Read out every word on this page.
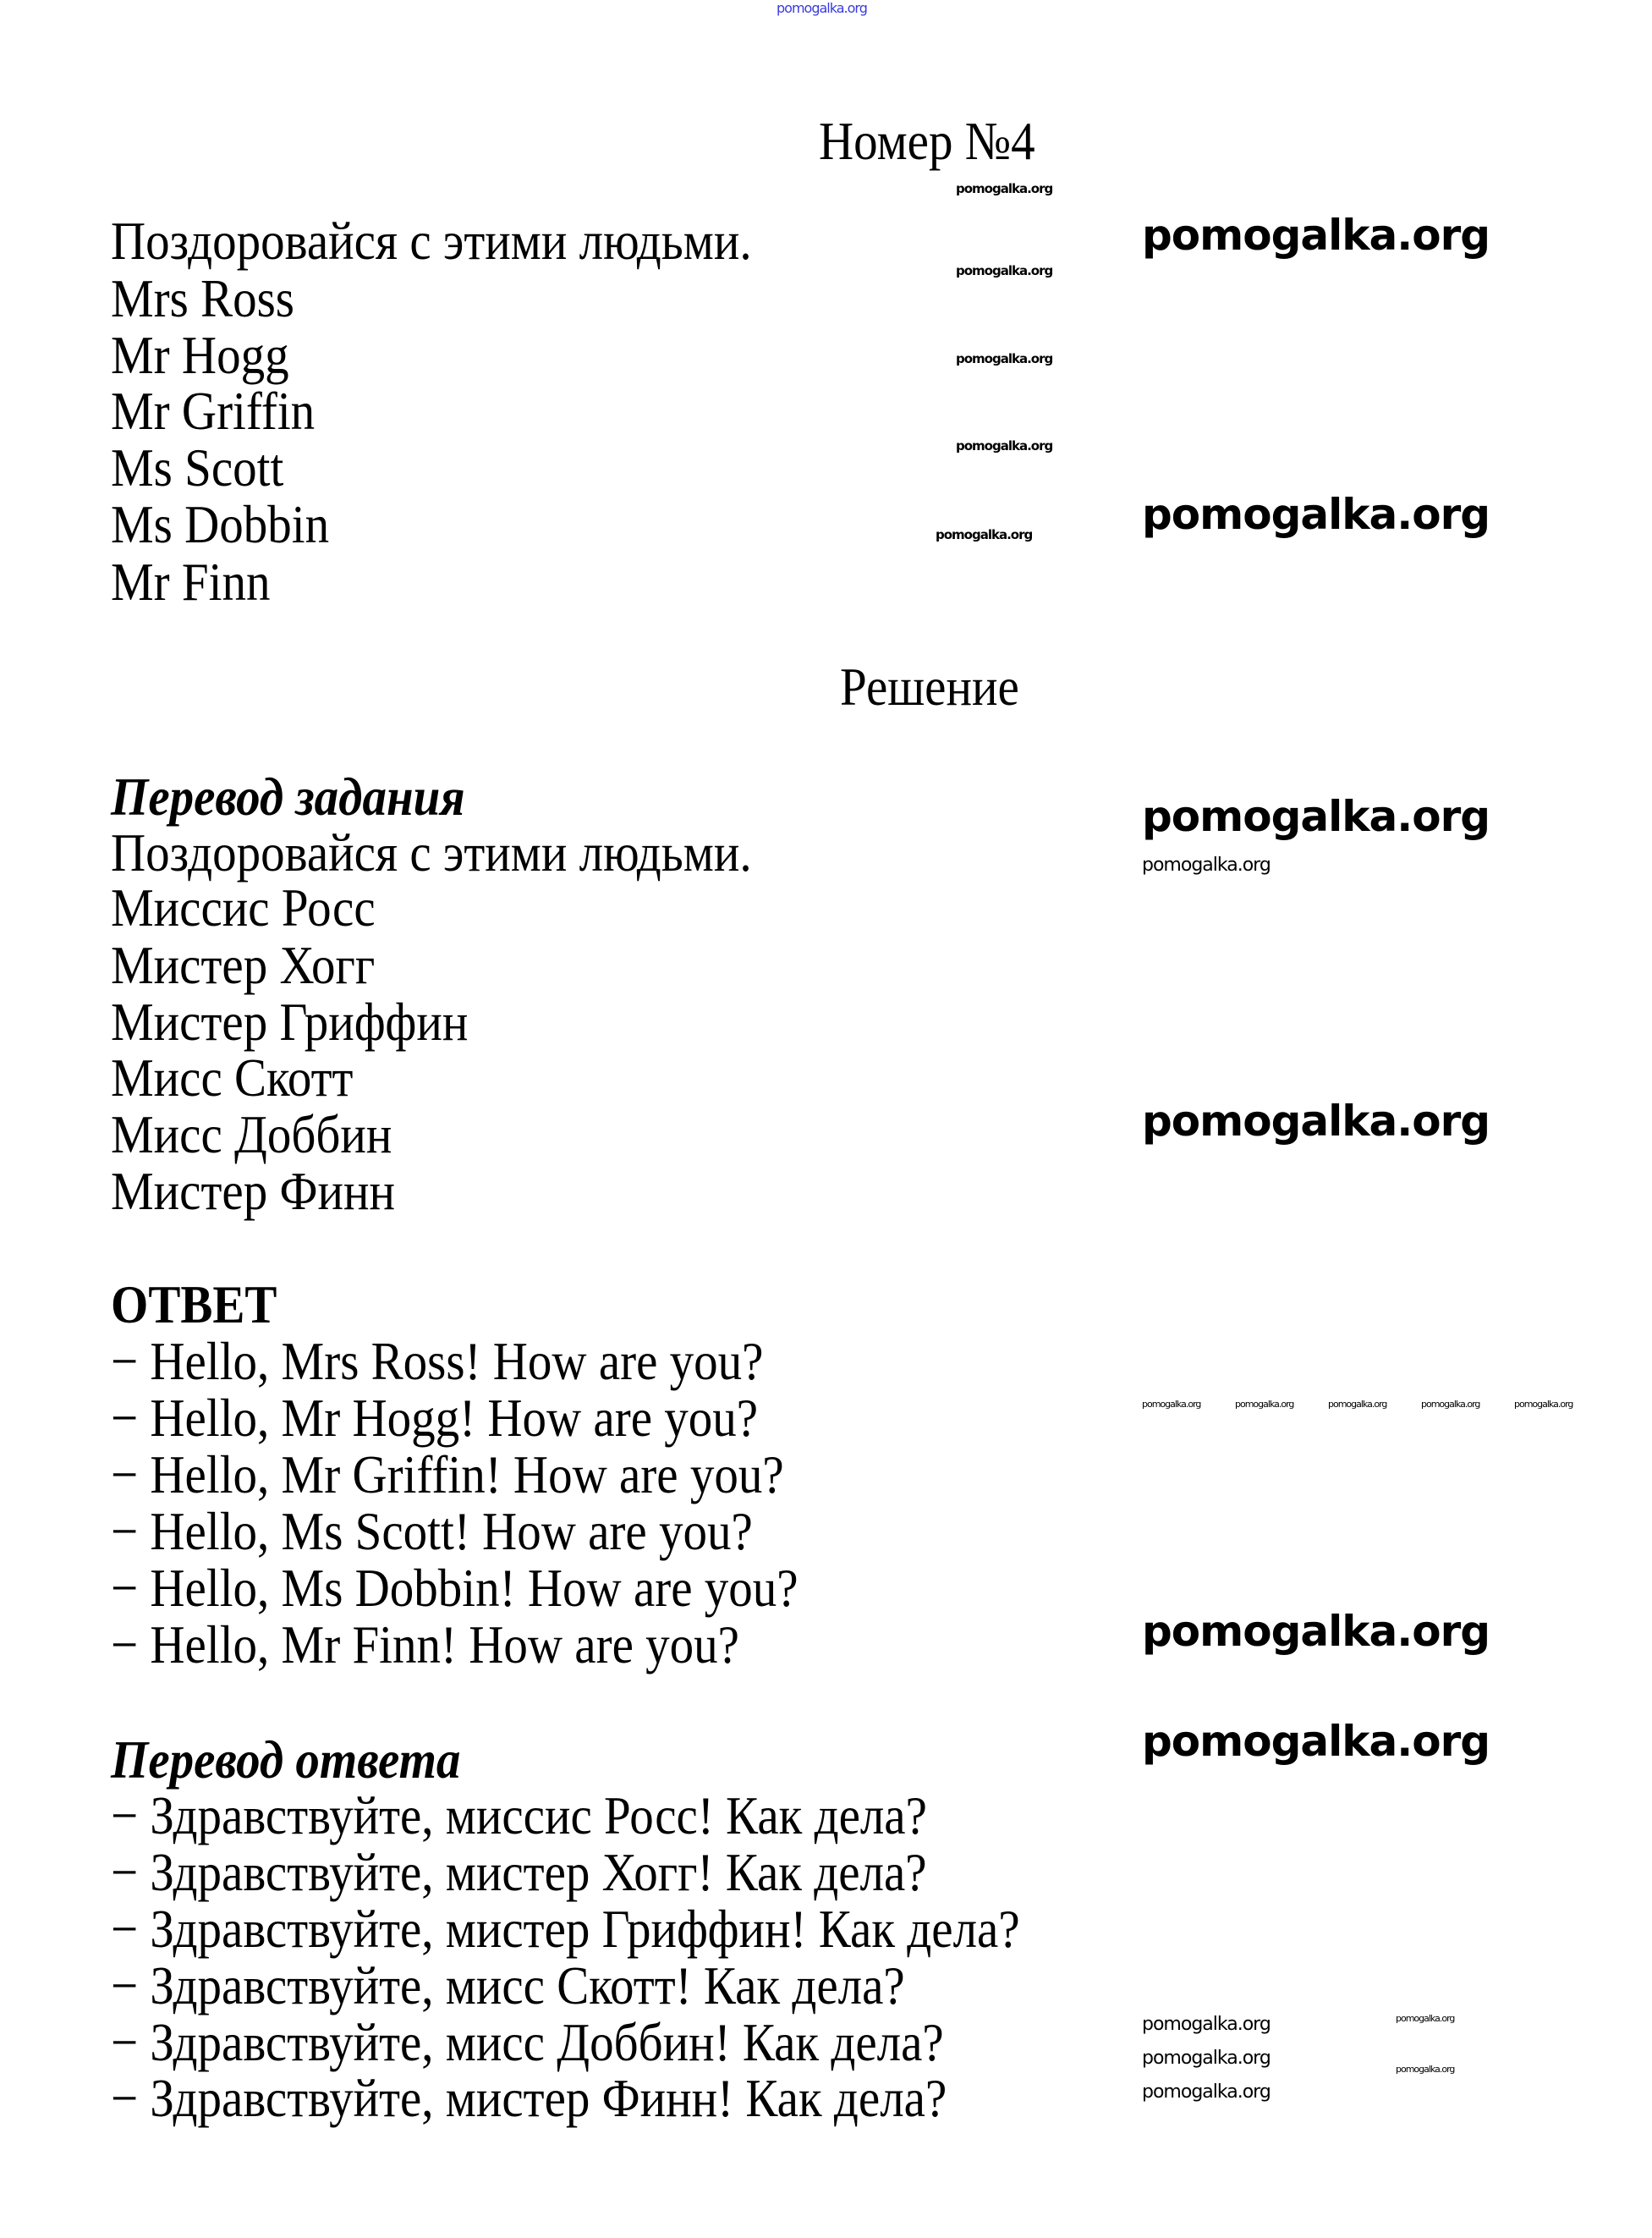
pomogalka.org
Номер №4
Поздоровайся с этими людьми.
Mrs Ross
Mr Hogg
Mr Griffin
Ms Scott
Ms Dobbin
Mr Finn
Решение
Перевод задания
Поздоровайся с этими людьми.
Миссис Росс
Мистер Хогг
Мистер Гриффин
Мисс Скотт
Мисс Доббин
Мистер Финн
ОТВЕТ
− Hello, Mrs Ross! How are you?
− Hello, Mr Hogg! How are you?
− Hello, Mr Griffin! How are you?
− Hello, Ms Scott! How are you?
− Hello, Ms Dobbin! How are you?
− Hello, Mr Finn! How are you?
Перевод ответа
− Здравствуйте, миссис Росс! Как дела?
− Здравствуйте, мистер Хогг! Как дела?
− Здравствуйте, мистер Гриффин! Как дела?
− Здравствуйте, мисс Скотт! Как дела?
− Здравствуйте, мисс Доббин! Как дела?
− Здравствуйте, мистер Финн! Как дела?
pomogalka.org
pomogalka.org
pomogalka.org
pomogalka.org
pomogalka.org
pomogalka.org
pomogalka.org
pomogalka.org
pomogalka.org
pomogalka.org
pomogalka.org
pomogalka.org
pomogalka.org	pomogalka.org	pomogalka.org	pomogalka.org	pomogalka.org
pomogalka.org
pomogalka.org
pomogalka.org
pomogalka.org
pomogalka.org
